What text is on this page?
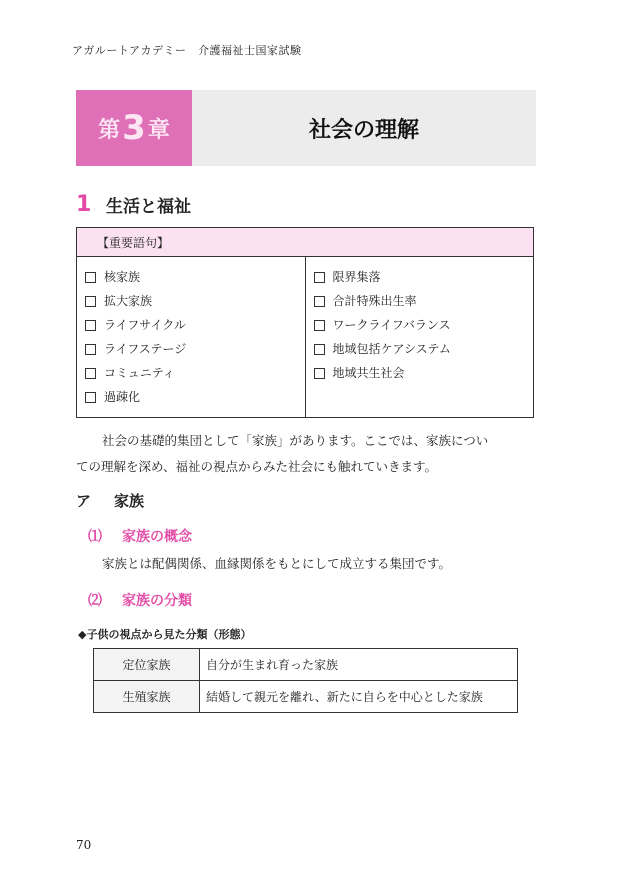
アガルートアカデミー　介護福祉士国家試験
第 3 章	社会の理解
1 生活と福祉
【重要語句】
核家族
拡大家族
ライフサイクル
ライフステージ
コミュニティ
過疎化
限界集落
合計特殊出生率
ワークライフバランス
地域包括ケアシステム
地域共生社会
社会の基礎的集団として「家族」があります。ここでは、家族につい
ての理解を深め、福祉の視点からみた社会にも触れていきます。
ア	家族
⑴	家族の概念
家族とは配偶関係、血縁関係をもとにして成立する集団です。
⑵	家族の分類
◆子供の視点から見た分類（形態）
定位家族	自分が生まれ育った家族
生殖家族	結婚して親元を離れ、新たに自らを中心とした家族
70
